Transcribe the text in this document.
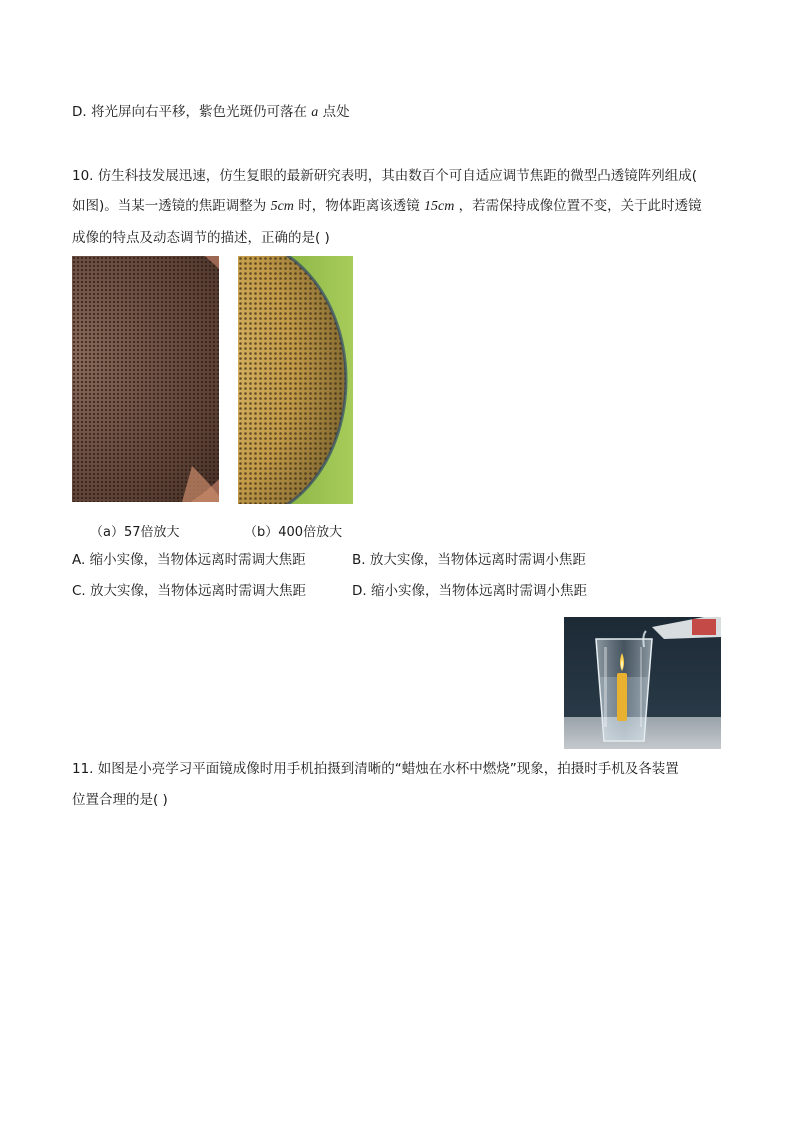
D. 将光屏向右平移，紫色光斑仍可落在 a 点处
10. 仿生科技发展迅速，仿生复眼的最新研究表明，其由数百个可自适应调节焦距的微型凸透镜阵列组成(
如图)。当某一透镜的焦距调整为 5cm 时，物体距离该透镜 15cm ，若需保持成像位置不变，关于此时透镜
成像的特点及动态调节的描述，正确的是( )
（a）57倍放大	（b）400倍放大
A. 缩小实像，当物体远离时需调大焦距	B. 放大实像，当物体远离时需调小焦距
C. 放大实像，当物体远离时需调大焦距	D. 缩小实像，当物体远离时需调小焦距
11. 如图是小亮学习平面镜成像时用手机拍摄到清晰的“蜡烛在水杯中燃烧”现象，拍摄时手机及各装置
位置合理的是( )
